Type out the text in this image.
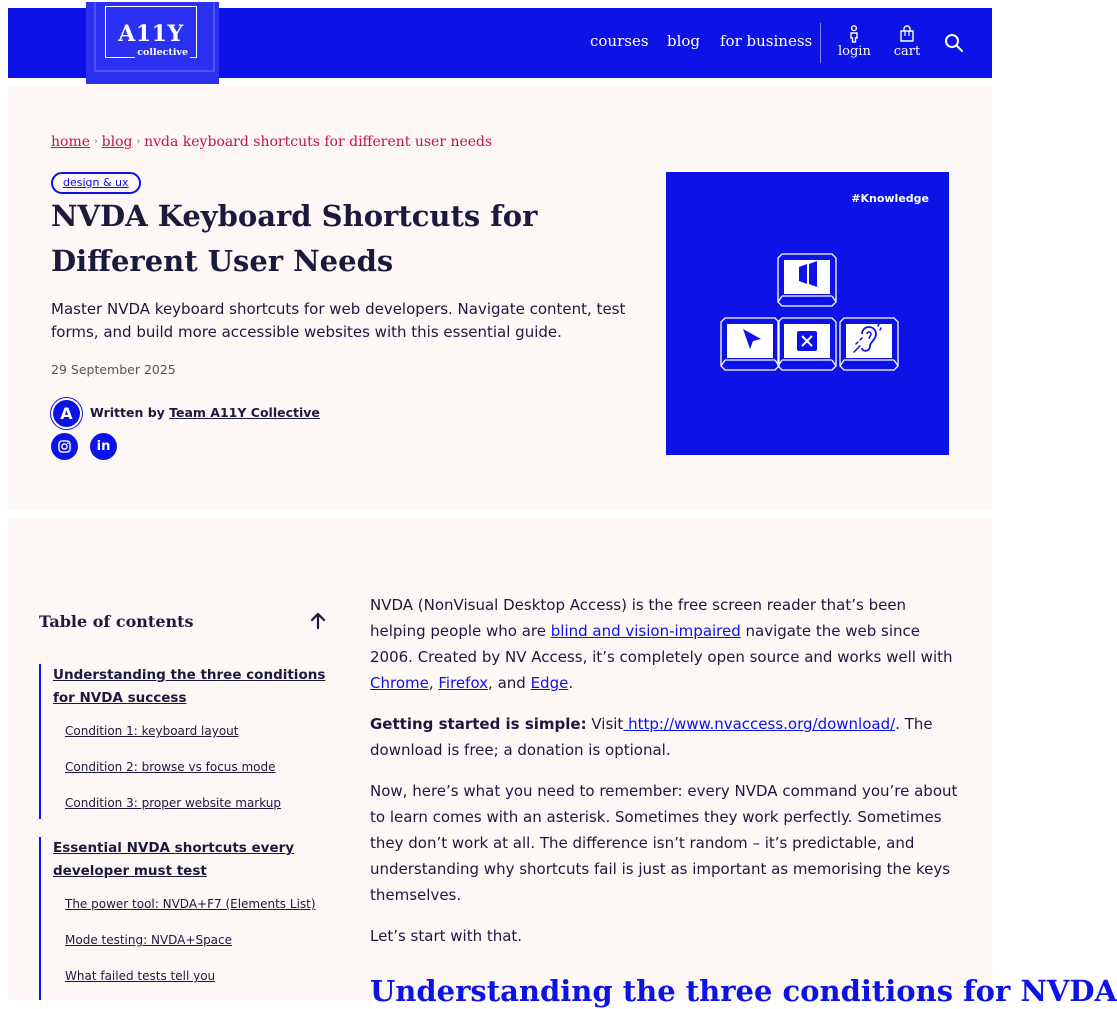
A11Y
collective
courses blog for business
login cart
home › blog › nvda keyboard shortcuts for different user needs
design & ux
NVDA Keyboard Shortcuts for Different User Needs

Master NVDA keyboard shortcuts for web developers. Navigate content, test forms, and build more accessible websites with this essential guide.

29 September 2025
A	Written by Team A11Y Collective
in
#Knowledge
Table of contents
Understanding the three conditions for NVDA success
Condition 1: keyboard layout
Condition 2: browse vs focus mode
Condition 3: proper website markup
Essential NVDA shortcuts every developer must test
The power tool: NVDA+F7 (Elements List)
Mode testing: NVDA+Space
What failed tests tell you

NVDA (NonVisual Desktop Access) is the free screen reader that’s been helping people who are blind and vision-impaired navigate the web since 2006. Created by NV Access, it’s completely open source and works well with Chrome, Firefox, and Edge.

Getting started is simple: Visit http://www.nvaccess.org/download/. The download is free; a donation is optional.

Now, here’s what you need to remember: every NVDA command you’re about to learn comes with an asterisk. Sometimes they work perfectly. Sometimes they don’t work at all. The difference isn’t random – it’s predictable, and understanding why shortcuts fail is just as important as memorising the keys themselves.

Let’s start with that.

Understanding the three conditions for NVDA
